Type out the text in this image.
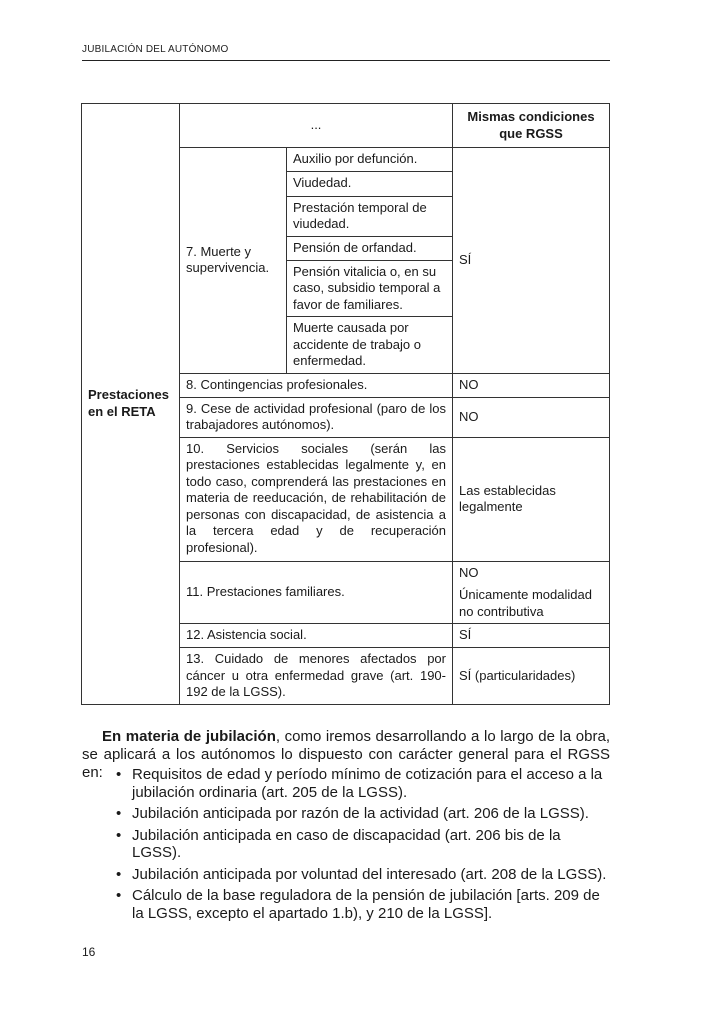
JUBILACIÓN DEL AUTÓNOMO
Prestaciones en el RETA	...		Mismas condiciones que RGSS
	7. Muerte y supervivencia.	Auxilio por defunción.	SÍ
		Viudedad.	
		Prestación temporal de viudedad.	
		Pensión de orfandad.	
		Pensión vitalicia o, en su caso, subsidio temporal a favor de familiares.	
		Muerte causada por accidente de trabajo o enfermedad.	
	8. Contingencias profesionales.		NO
	9. Cese de actividad profesional (paro de los trabajadores autónomos).		NO
	10. Servicios sociales (serán las prestaciones establecidas legalmente y, en todo caso, comprenderá las prestaciones en materia de reeducación, de rehabilitación de personas con discapacidad, de asistencia a la tercera edad y de recuperación profesional).		Las establecidas legalmente
	11. Prestaciones familiares.		NO
Únicamente modalidad no contributiva

	12. Asistencia social.		SÍ
	13. Cuidado de menores afectados por cáncer u otra enfermedad grave (art. 190-192 de la LGSS).		SÍ (particularidades)
En materia de jubilación, como iremos desarrollando a lo largo de la obra, se aplicará a los autónomos lo dispuesto con carácter general para el RGSS en: • Requisitos de edad y período mínimo de cotización para el acceso a la jubilación ordinaria (art. 205 de la LGSS).
• Jubilación anticipada por razón de la actividad (art. 206 de la LGSS).
• Jubilación anticipada en caso de discapacidad (art. 206 bis de la LGSS).
• Jubilación anticipada por voluntad del interesado (art. 208 de la LGSS).
• Cálculo de la base reguladora de la pensión de jubilación [arts. 209 de la LGSS, excepto el apartado 1.b), y 210 de la LGSS].
16
